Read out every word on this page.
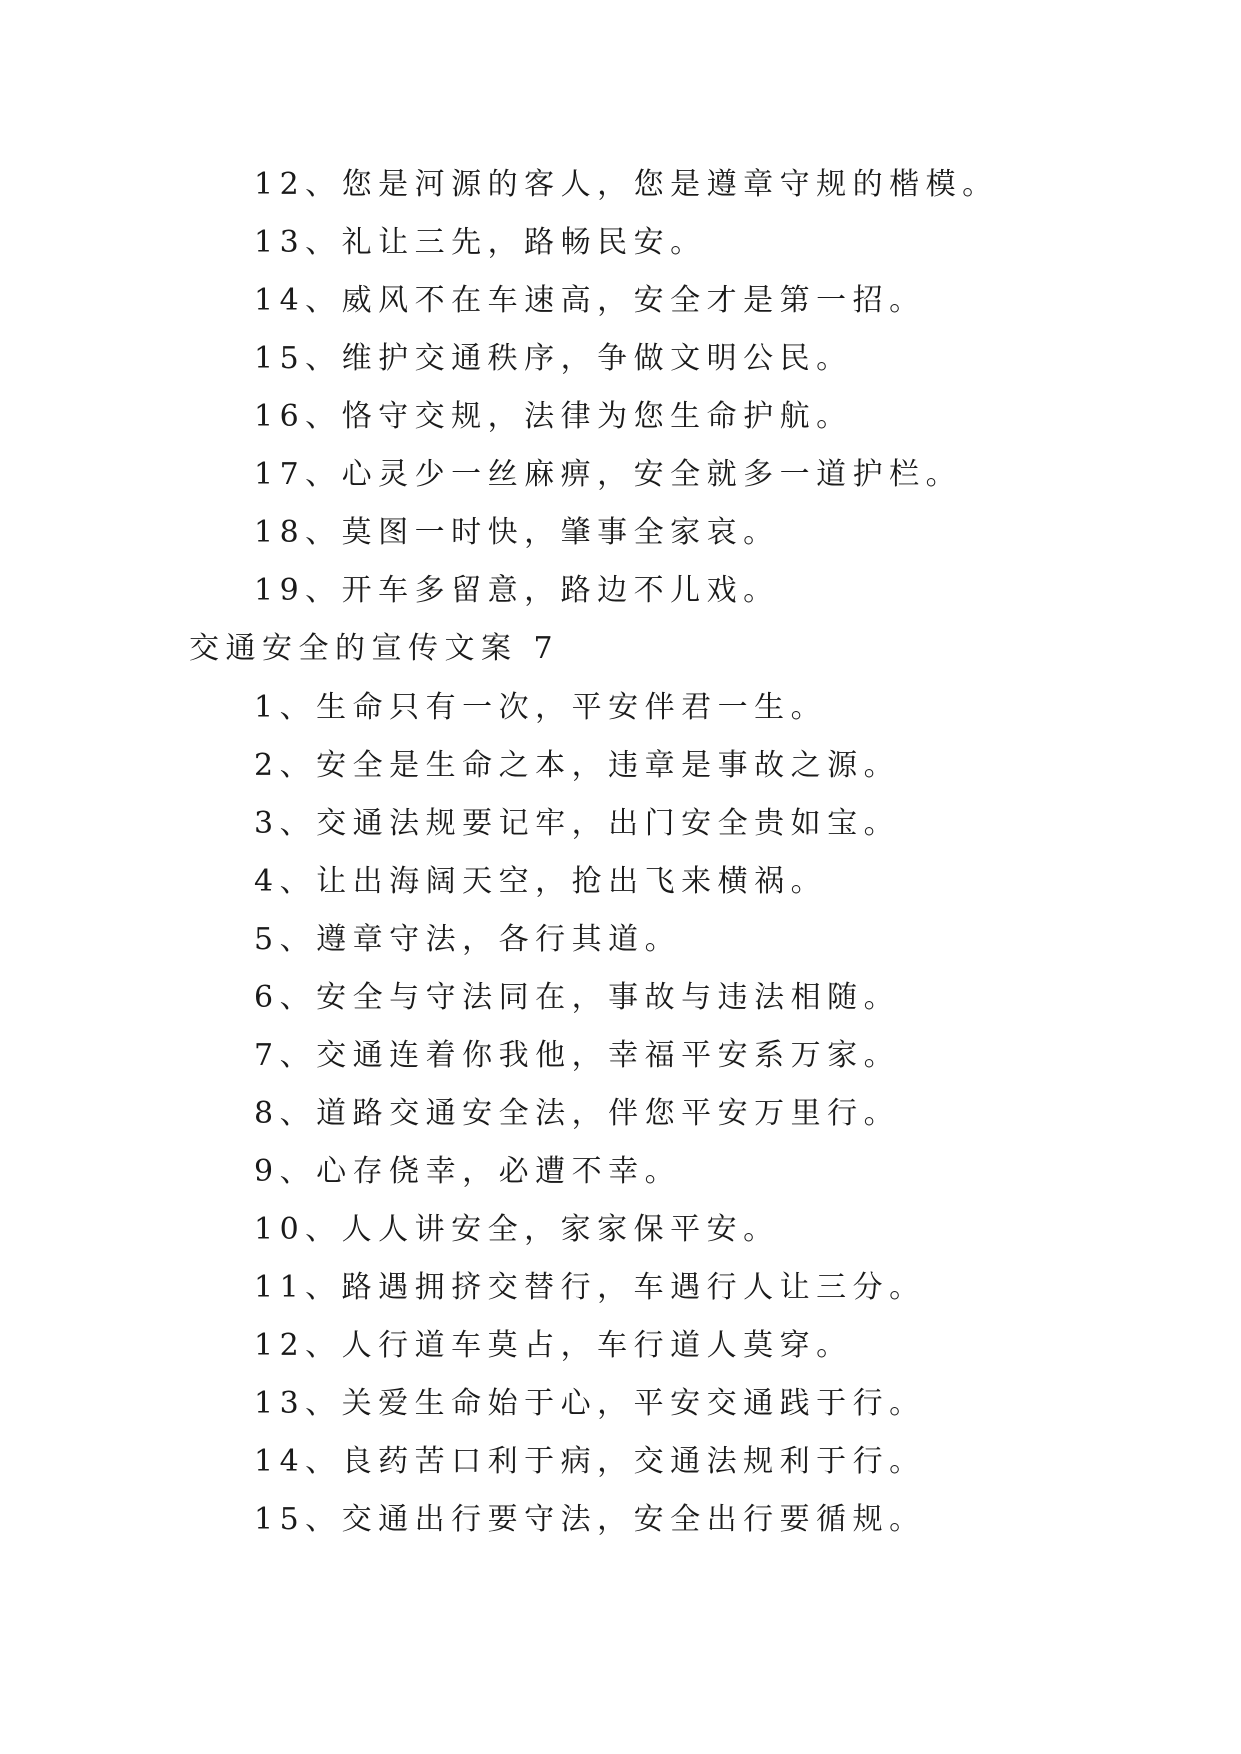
12、您是河源的客人，您是遵章守规的楷模。
13、礼让三先，路畅民安。
14、威风不在车速高，安全才是第一招。
15、维护交通秩序，争做文明公民。
16、恪守交规，法律为您生命护航。
17、心灵少一丝麻痹，安全就多一道护栏。
18、莫图一时快，肇事全家哀。
19、开车多留意，路边不儿戏。
交通安全的宣传文案 7
1、生命只有一次，平安伴君一生。
2、安全是生命之本，违章是事故之源。
3、交通法规要记牢，出门安全贵如宝。
4、让出海阔天空，抢出飞来横祸。
5、遵章守法，各行其道。
6、安全与守法同在，事故与违法相随。
7、交通连着你我他，幸福平安系万家。
8、道路交通安全法，伴您平安万里行。
9、心存侥幸，必遭不幸。
10、人人讲安全，家家保平安。
11、路遇拥挤交替行，车遇行人让三分。
12、人行道车莫占，车行道人莫穿。
13、关爱生命始于心，平安交通践于行。
14、良药苦口利于病，交通法规利于行。
15、交通出行要守法，安全出行要循规。
